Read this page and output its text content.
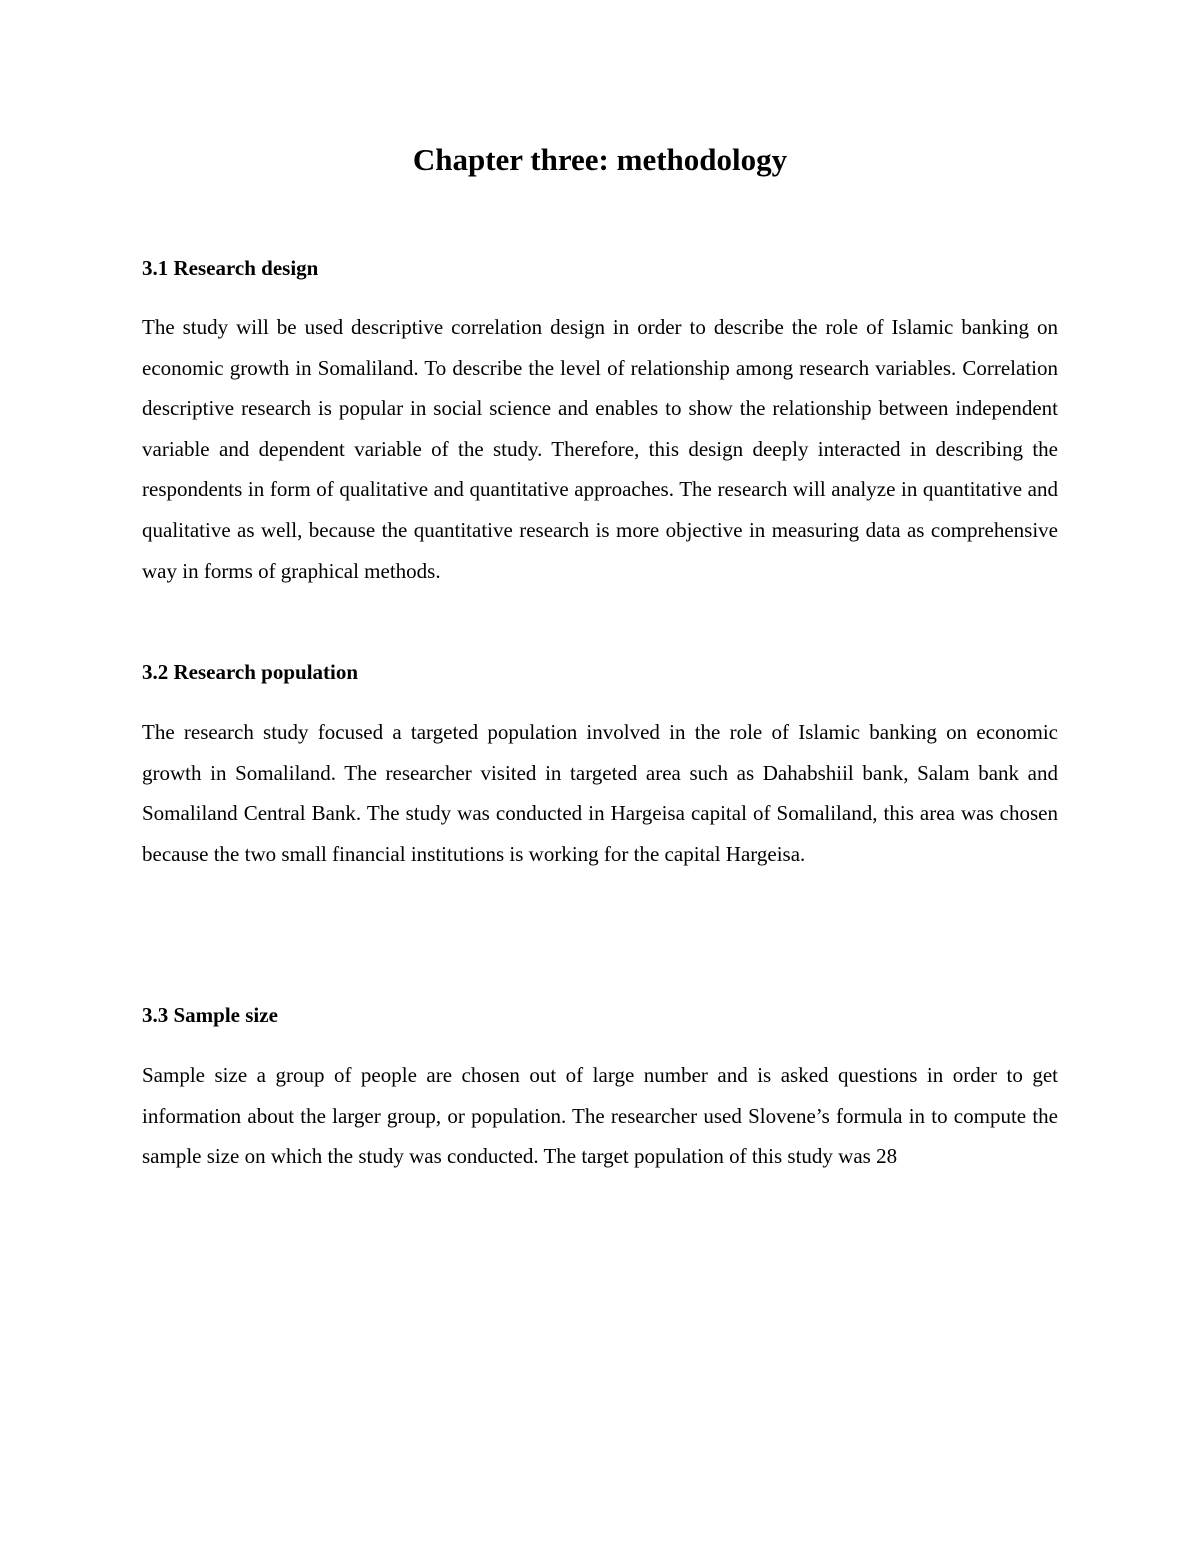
Chapter three: methodology
3.1 Research design

The study will be used descriptive correlation design in order to describe the role of Islamic banking on economic growth in Somaliland. To describe the level of relationship among research variables. Correlation descriptive research is popular in social science and enables to show the relationship between independent variable and dependent variable of the study. Therefore, this design deeply interacted in describing the respondents in form of qualitative and quantitative approaches. The research will analyze in quantitative and qualitative as well, because the quantitative research is more objective in measuring data as comprehensive way in forms of graphical methods.

3.2 Research population

The research study focused a targeted population involved in the role of Islamic banking on economic growth in Somaliland. The researcher visited in targeted area such as Dahabshiil bank, Salam bank and Somaliland Central Bank. The study was conducted in Hargeisa capital of Somaliland, this area was chosen because the two small financial institutions is working for the capital Hargeisa.

3.3 Sample size

Sample size a group of people are chosen out of large number and is asked questions in order to get information about the larger group, or population. The researcher used Slovene’s formula in to compute the sample size on which the study was conducted. The target population of this study was 28
